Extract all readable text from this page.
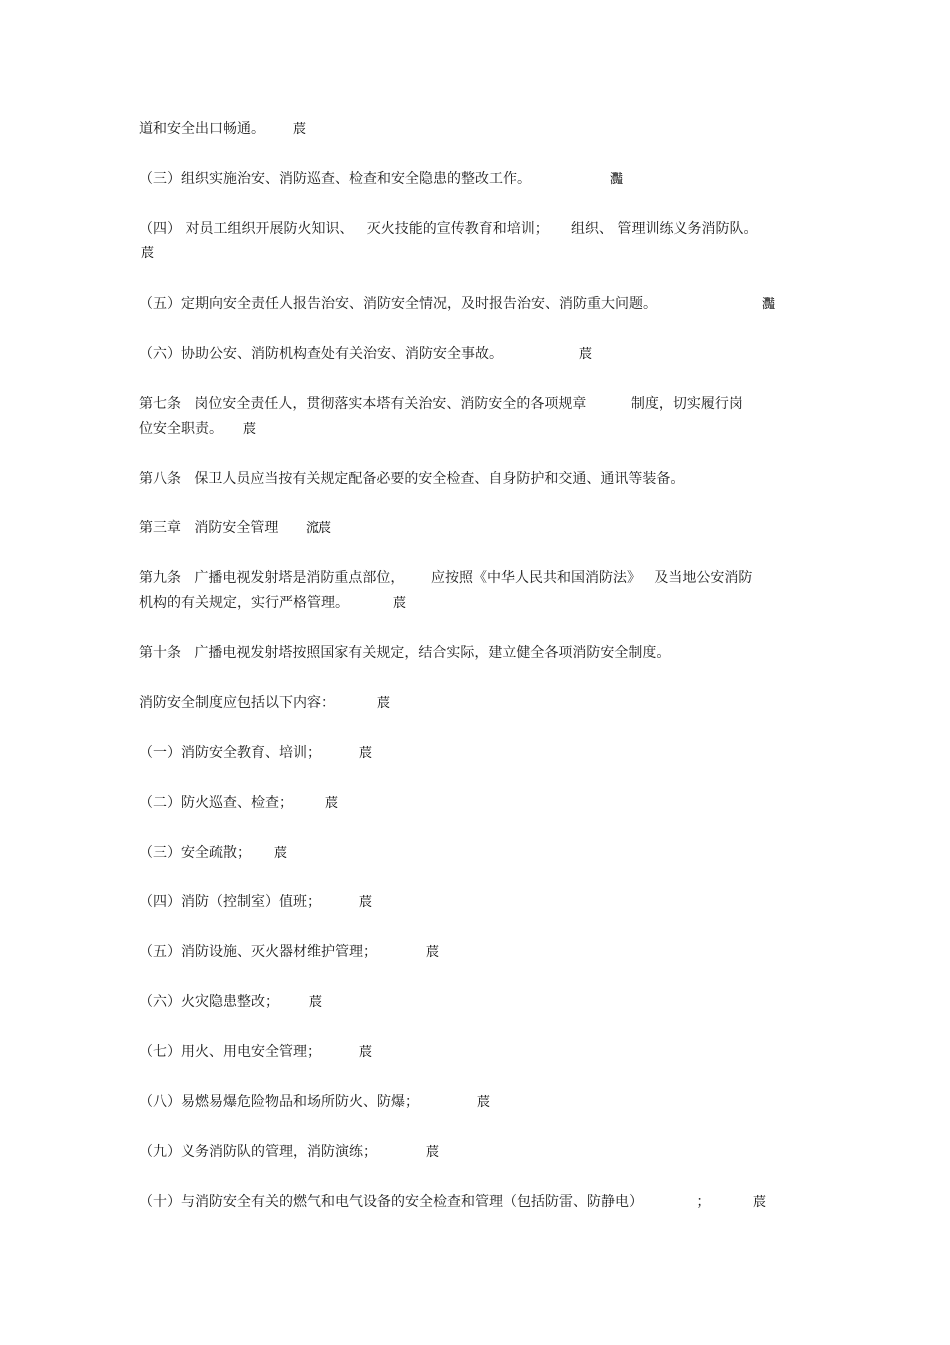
道和安全出口畅通。 莀
（三）组织实施治安、消防巡查、检查和安全隐患的整改工作。	灩
（四） 对员工组织开展防火知识、   灭火技能的宣传教育和培训；     组织、 管理训练义务消防队。
莀
（五）定期向安全责任人报告治安、消防安全情况，及时报告治安、消防重大问题。	灩
（六）协助公安、消防机构查处有关治安、消防安全事故。	莀
第七条   岗位安全责任人，贯彻落实本塔有关治安、消防安全的各项规章          制度，切实履行岗
位安全职责。 莀
第八条   保卫人员应当按有关规定配备必要的安全检查、自身防护和交通、通讯等装备。
第三章   消防安全管理	溛莀
第九条   广播电视发射塔是消防重点部位，      应按照《中华人民共和国消防法》   及当地公安消防
机构的有关规定，实行严格管理。	莀
第十条   广播电视发射塔按照国家有关规定，结合实际，建立健全各项消防安全制度。
消防安全制度应包括以下内容：	莀
（一）消防安全教育、培训；	莀
（二）防火巡查、检查； 莀
（三）安全疏散； 莀
（四）消防（控制室）值班；	莀
（五）消防设施、灭火器材维护管理；	莀
（六）火灾隐患整改； 莀
（七）用火、用电安全管理；	莀
（八）易燃易爆危险物品和场所防火、防爆；	莀
（九）义务消防队的管理，消防演练；	莀
（十）与消防安全有关的燃气和电气设备的安全检查和管理（包括防雷、防静电）            ；	莀
